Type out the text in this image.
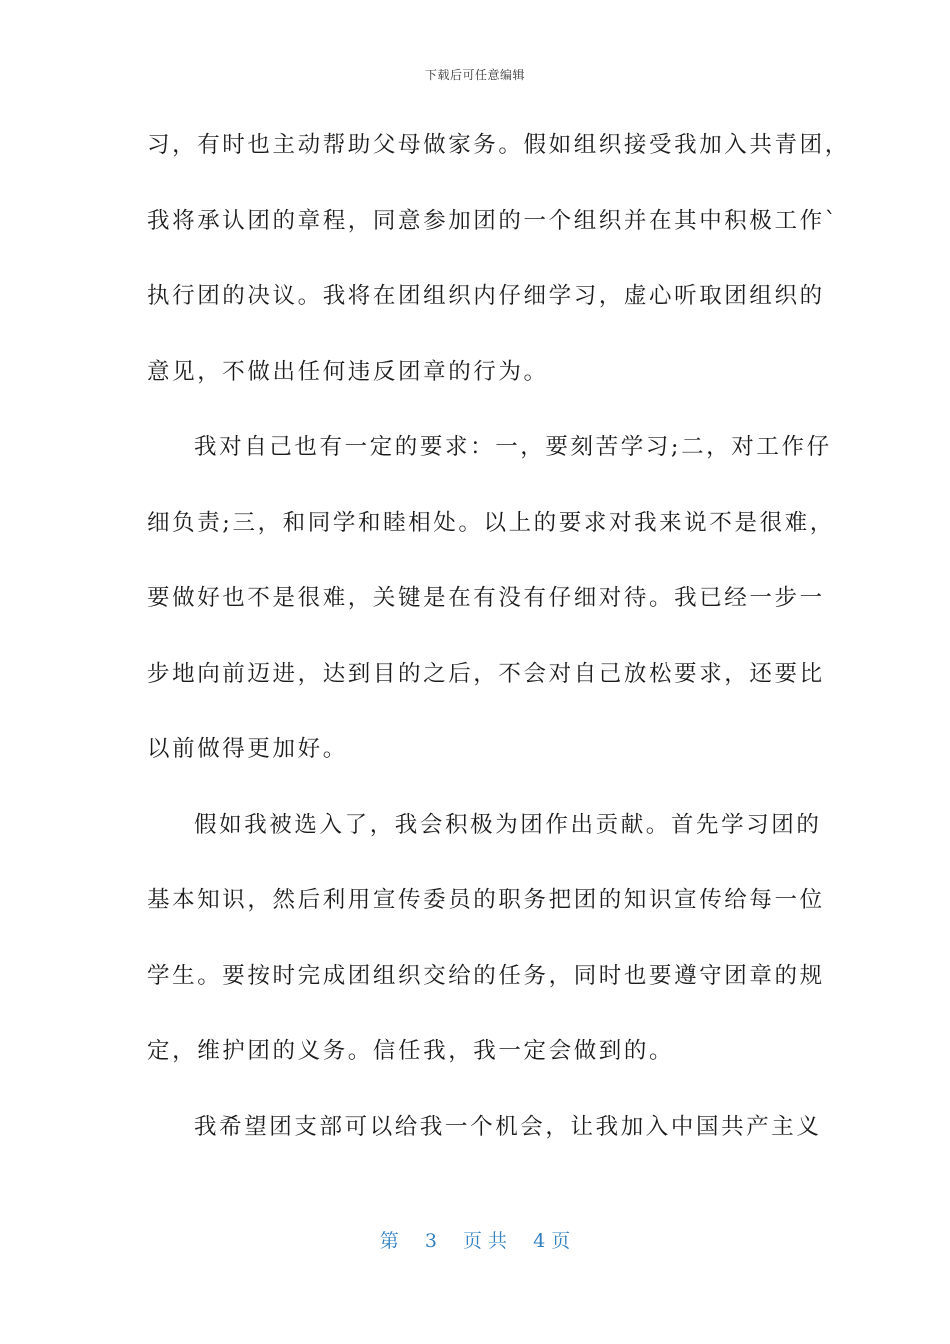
下载后可任意编辑
习，有时也主动帮助父母做家务。假如组织接受我加入共青团，
我将承认团的章程，同意参加团的一个组织并在其中积极工作`
执行团的决议。我将在团组织内仔细学习，虚心听取团组织的
意见，不做出任何违反团章的行为。
我对自己也有一定的要求：一，要刻苦学习;二，对工作仔
细负责;三，和同学和睦相处。以上的要求对我来说不是很难，
要做好也不是很难，关键是在有没有仔细对待。我已经一步一
步地向前迈进，达到目的之后，不会对自己放松要求，还要比
以前做得更加好。
假如我被选入了，我会积极为团作出贡献。首先学习团的
基本知识，然后利用宣传委员的职务把团的知识宣传给每一位
学生。要按时完成团组织交给的任务，同时也要遵守团章的规
定，维护团的义务。信任我，我一定会做到的。
我希望团支部可以给我一个机会，让我加入中国共产主义
第 3 页 共 4 页
